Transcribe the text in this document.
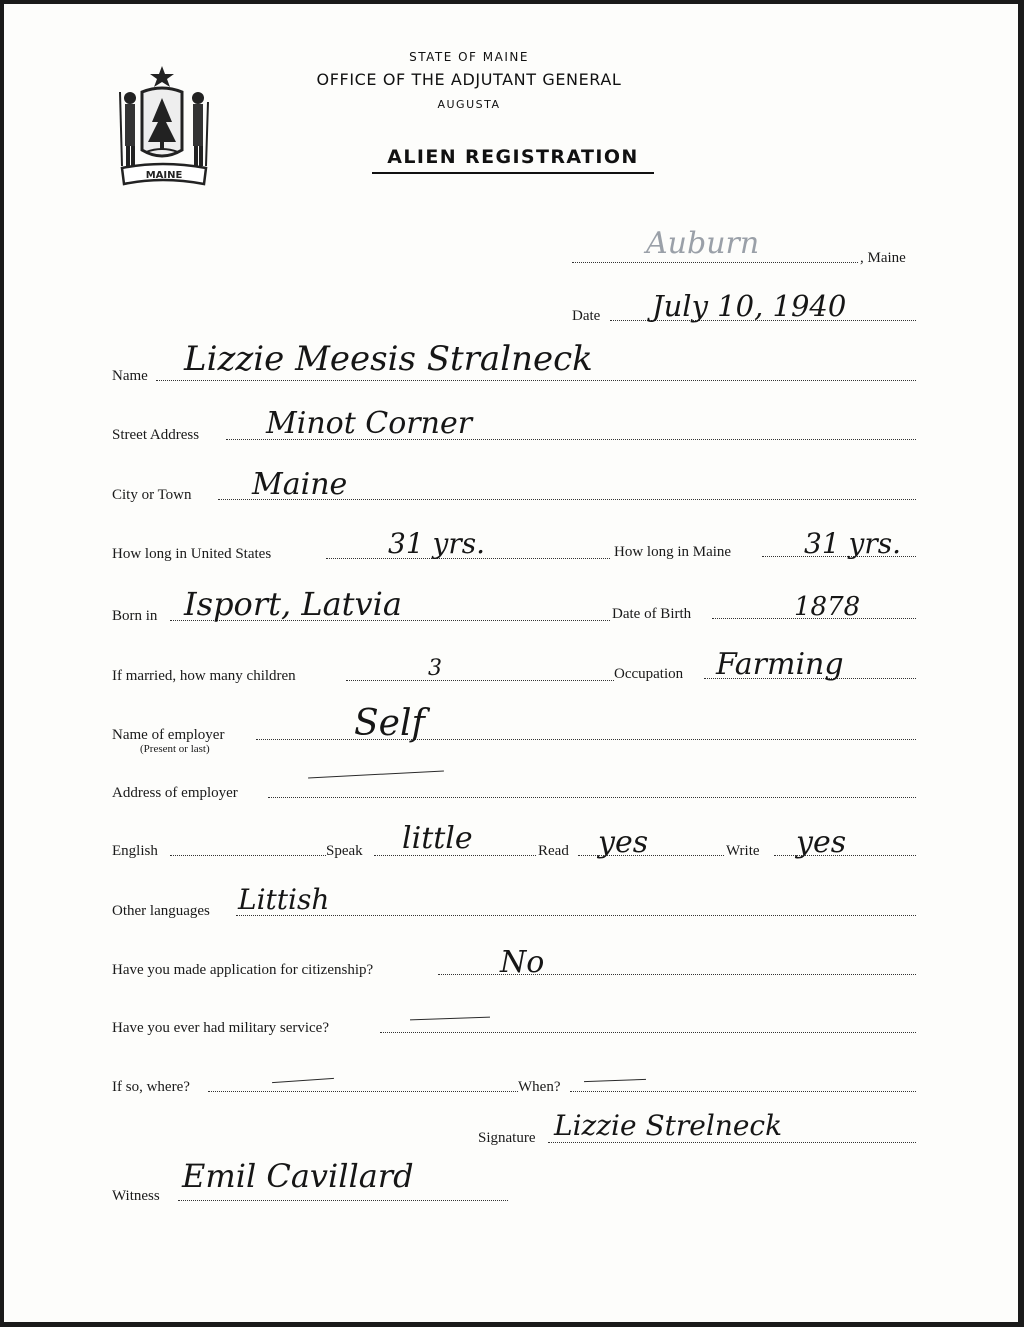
MAINE
STATE OF MAINE
OFFICE OF THE ADJUTANT GENERAL
AUGUSTA
ALIEN REGISTRATION
Auburn	, Maine
Date July 10, 1940
Name Lizzie Meesis Stralneck
Street Address Minot Corner
City or Town Maine
How long in United States	31 yrs.	How long in Maine	31 yrs.
Born in Isport, Latvia	Date of Birth	1878
If married, how many children	3	Occupation Farming
Name of employer
(Present or last)
Self
Address of employer
English	Speak little	Read yes	Write yes
Other languages Littish
Have you made application for citizenship?	No
Have you ever had military service?
If so, where?	When?
Signature Lizzie Strelneck
Witness
Emil Cavillard
